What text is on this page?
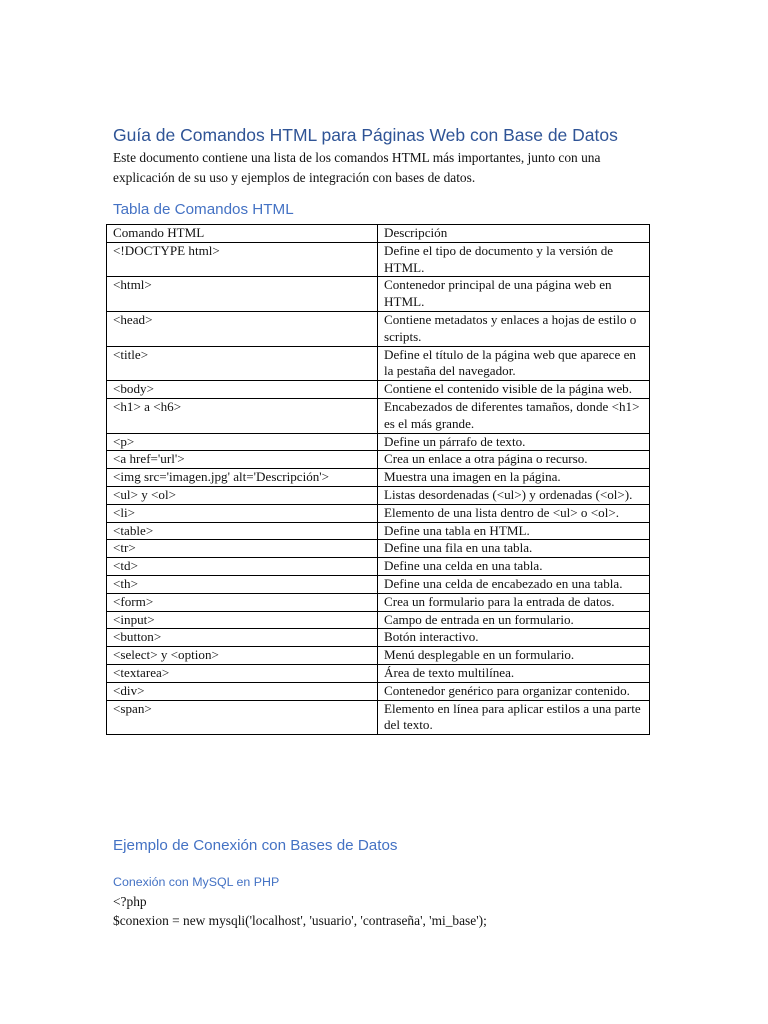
Guía de Comandos HTML para Páginas Web con Base de Datos

Este documento contiene una lista de los comandos HTML más importantes, junto con una explicación de su uso y ejemplos de integración con bases de datos.

Tabla de Comandos HTML
Comando HTML	Descripción
<!DOCTYPE html>	Define el tipo de documento y la versión de HTML.
<html>	Contenedor principal de una página web en HTML.
<head>	Contiene metadatos y enlaces a hojas de estilo o scripts.
<title>	Define el título de la página web que aparece en la pestaña del navegador.
<body>	Contiene el contenido visible de la página web.
<h1> a <h6>	Encabezados de diferentes tamaños, donde <h1> es el más grande.
<p>	Define un párrafo de texto.
<a href='url'>	Crea un enlace a otra página o recurso.
<img src='imagen.jpg' alt='Descripción'>	Muestra una imagen en la página.
<ul> y <ol>	Listas desordenadas (<ul>) y ordenadas (<ol>).
<li>	Elemento de una lista dentro de <ul> o <ol>.
<table>	Define una tabla en HTML.
<tr>	Define una fila en una tabla.
<td>	Define una celda en una tabla.
<th>	Define una celda de encabezado en una tabla.
<form>	Crea un formulario para la entrada de datos.
<input>	Campo de entrada en un formulario.
<button>	Botón interactivo.
<select> y <option>	Menú desplegable en un formulario.
<textarea>	Área de texto multilínea.
<div>	Contenedor genérico para organizar contenido.
<span>	Elemento en línea para aplicar estilos a una parte del texto.
Ejemplo de Conexión con Bases de Datos
Conexión con MySQL en PHP
<?php
$conexion = new mysqli('localhost', 'usuario', 'contraseña', 'mi_base');
